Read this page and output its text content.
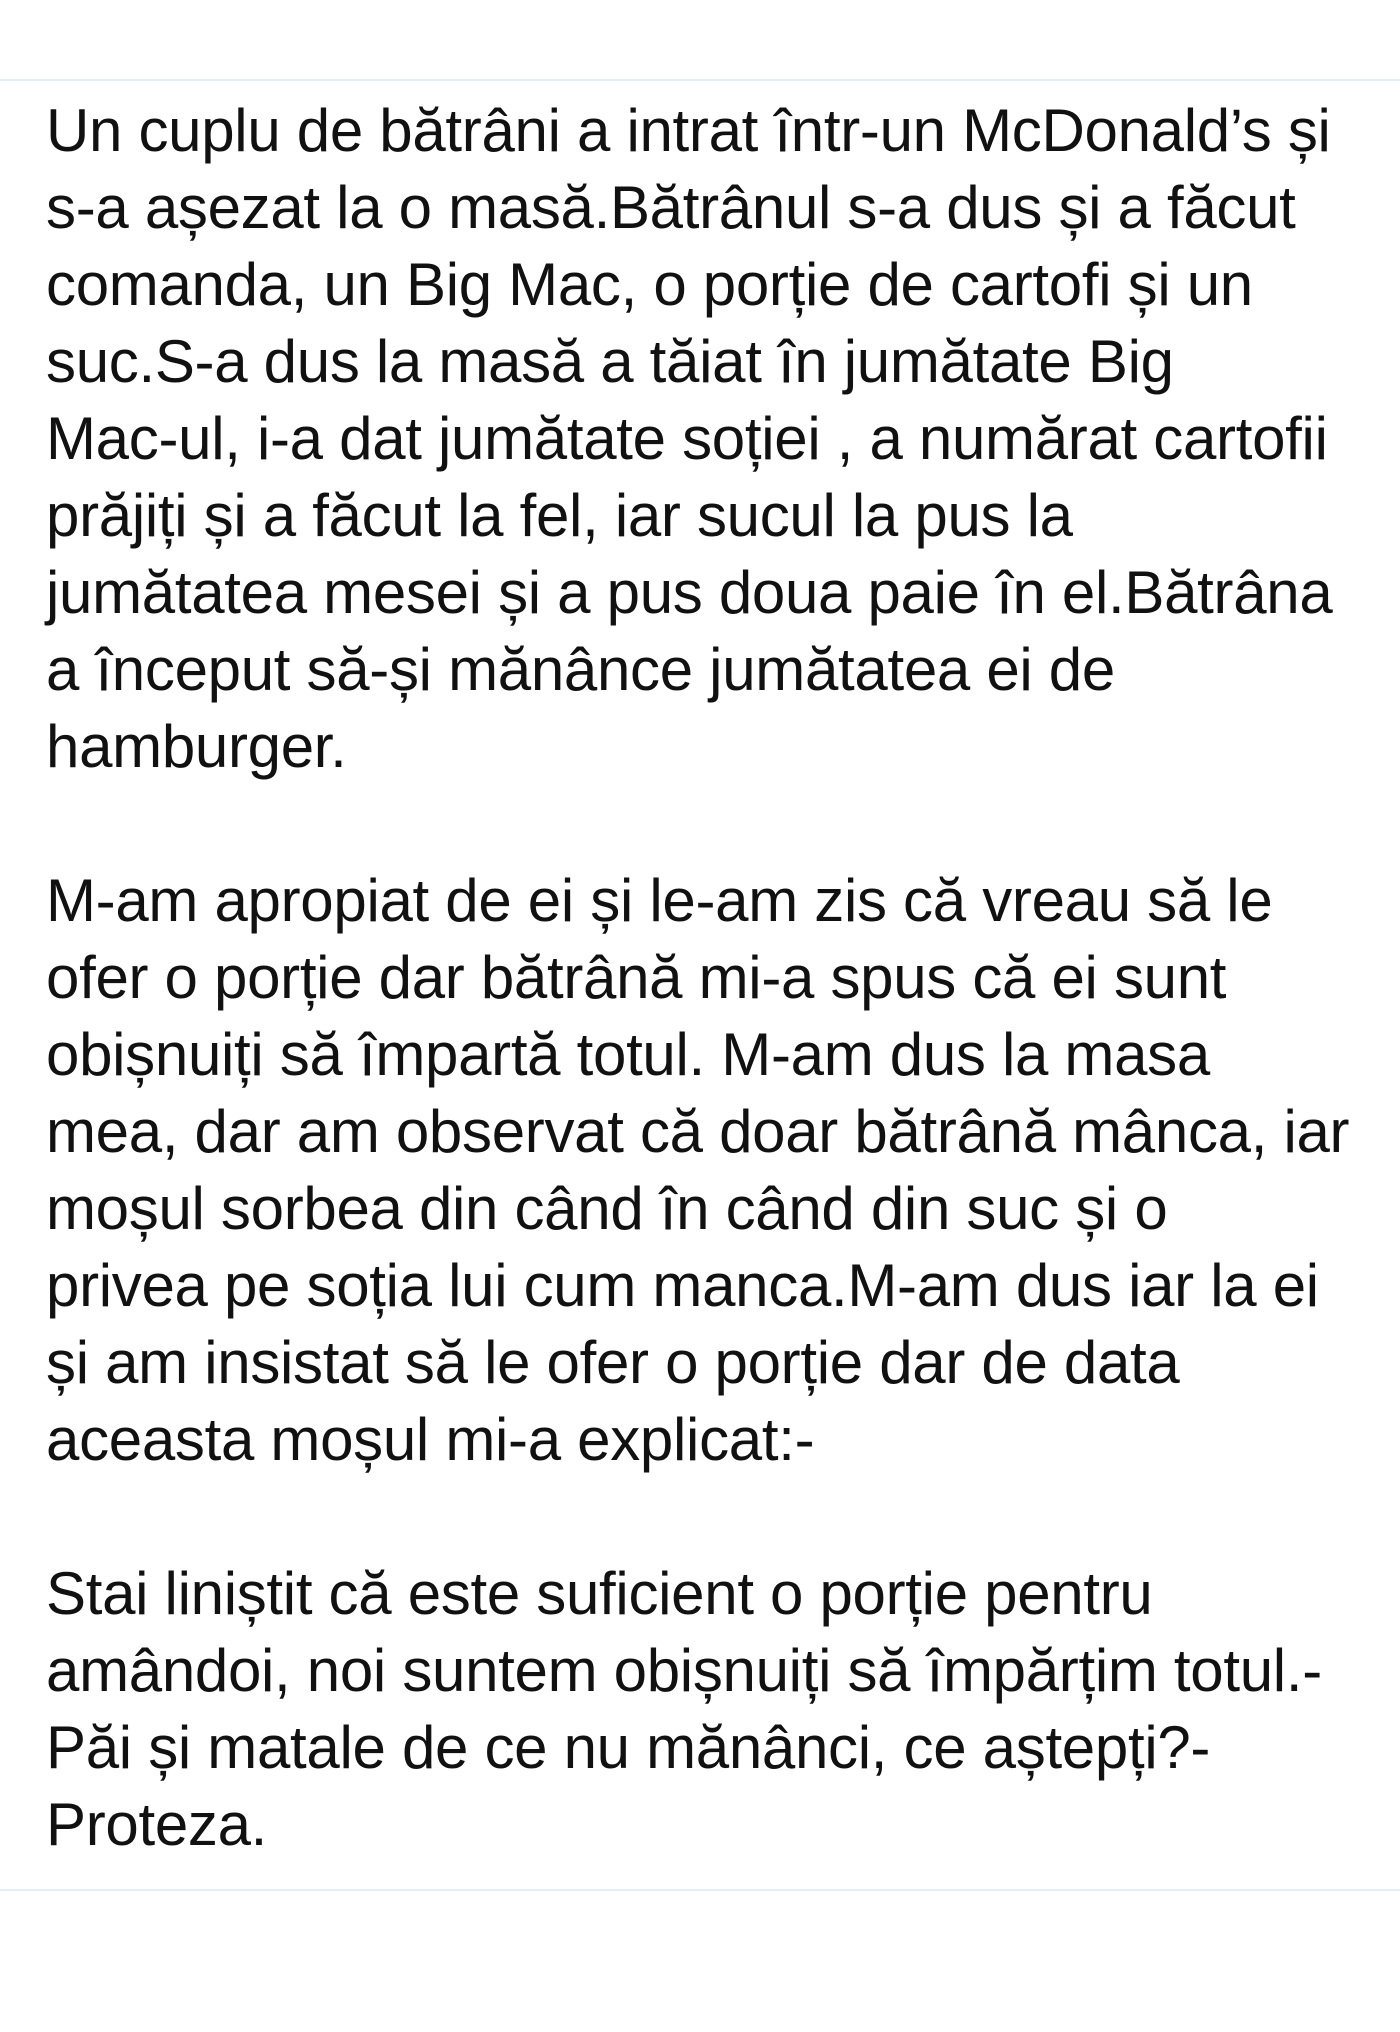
Un cuplu de bătrâni a intrat într-un McDonald’s și
s-a așezat la o masă.Bătrânul s-a dus și a făcut
comanda, un Big Mac, o porție de cartofi și un
suc.S-a dus la masă a tăiat în jumătate Big
Mac-ul, i-a dat jumătate soției , a numărat cartofii
prăjiți și a făcut la fel, iar sucul la pus la
jumătatea mesei și a pus doua paie în el.Bătrâna
a început să-și mănânce jumătatea ei de
hamburger.
M-am apropiat de ei și le-am zis că vreau să le
ofer o porție dar bătrână mi-a spus că ei sunt
obișnuiți să împartă totul. M-am dus la masa
mea, dar am observat că doar bătrână mânca, iar
moșul sorbea din când în când din suc și o
privea pe soția lui cum manca.M-am dus iar la ei
și am insistat să le ofer o porție dar de data
aceasta moșul mi-a explicat:-
Stai liniștit că este suficient o porție pentru
amândoi, noi suntem obișnuiți să împărțim totul.-
Păi și matale de ce nu mănânci, ce aștepți?-
Proteza.
